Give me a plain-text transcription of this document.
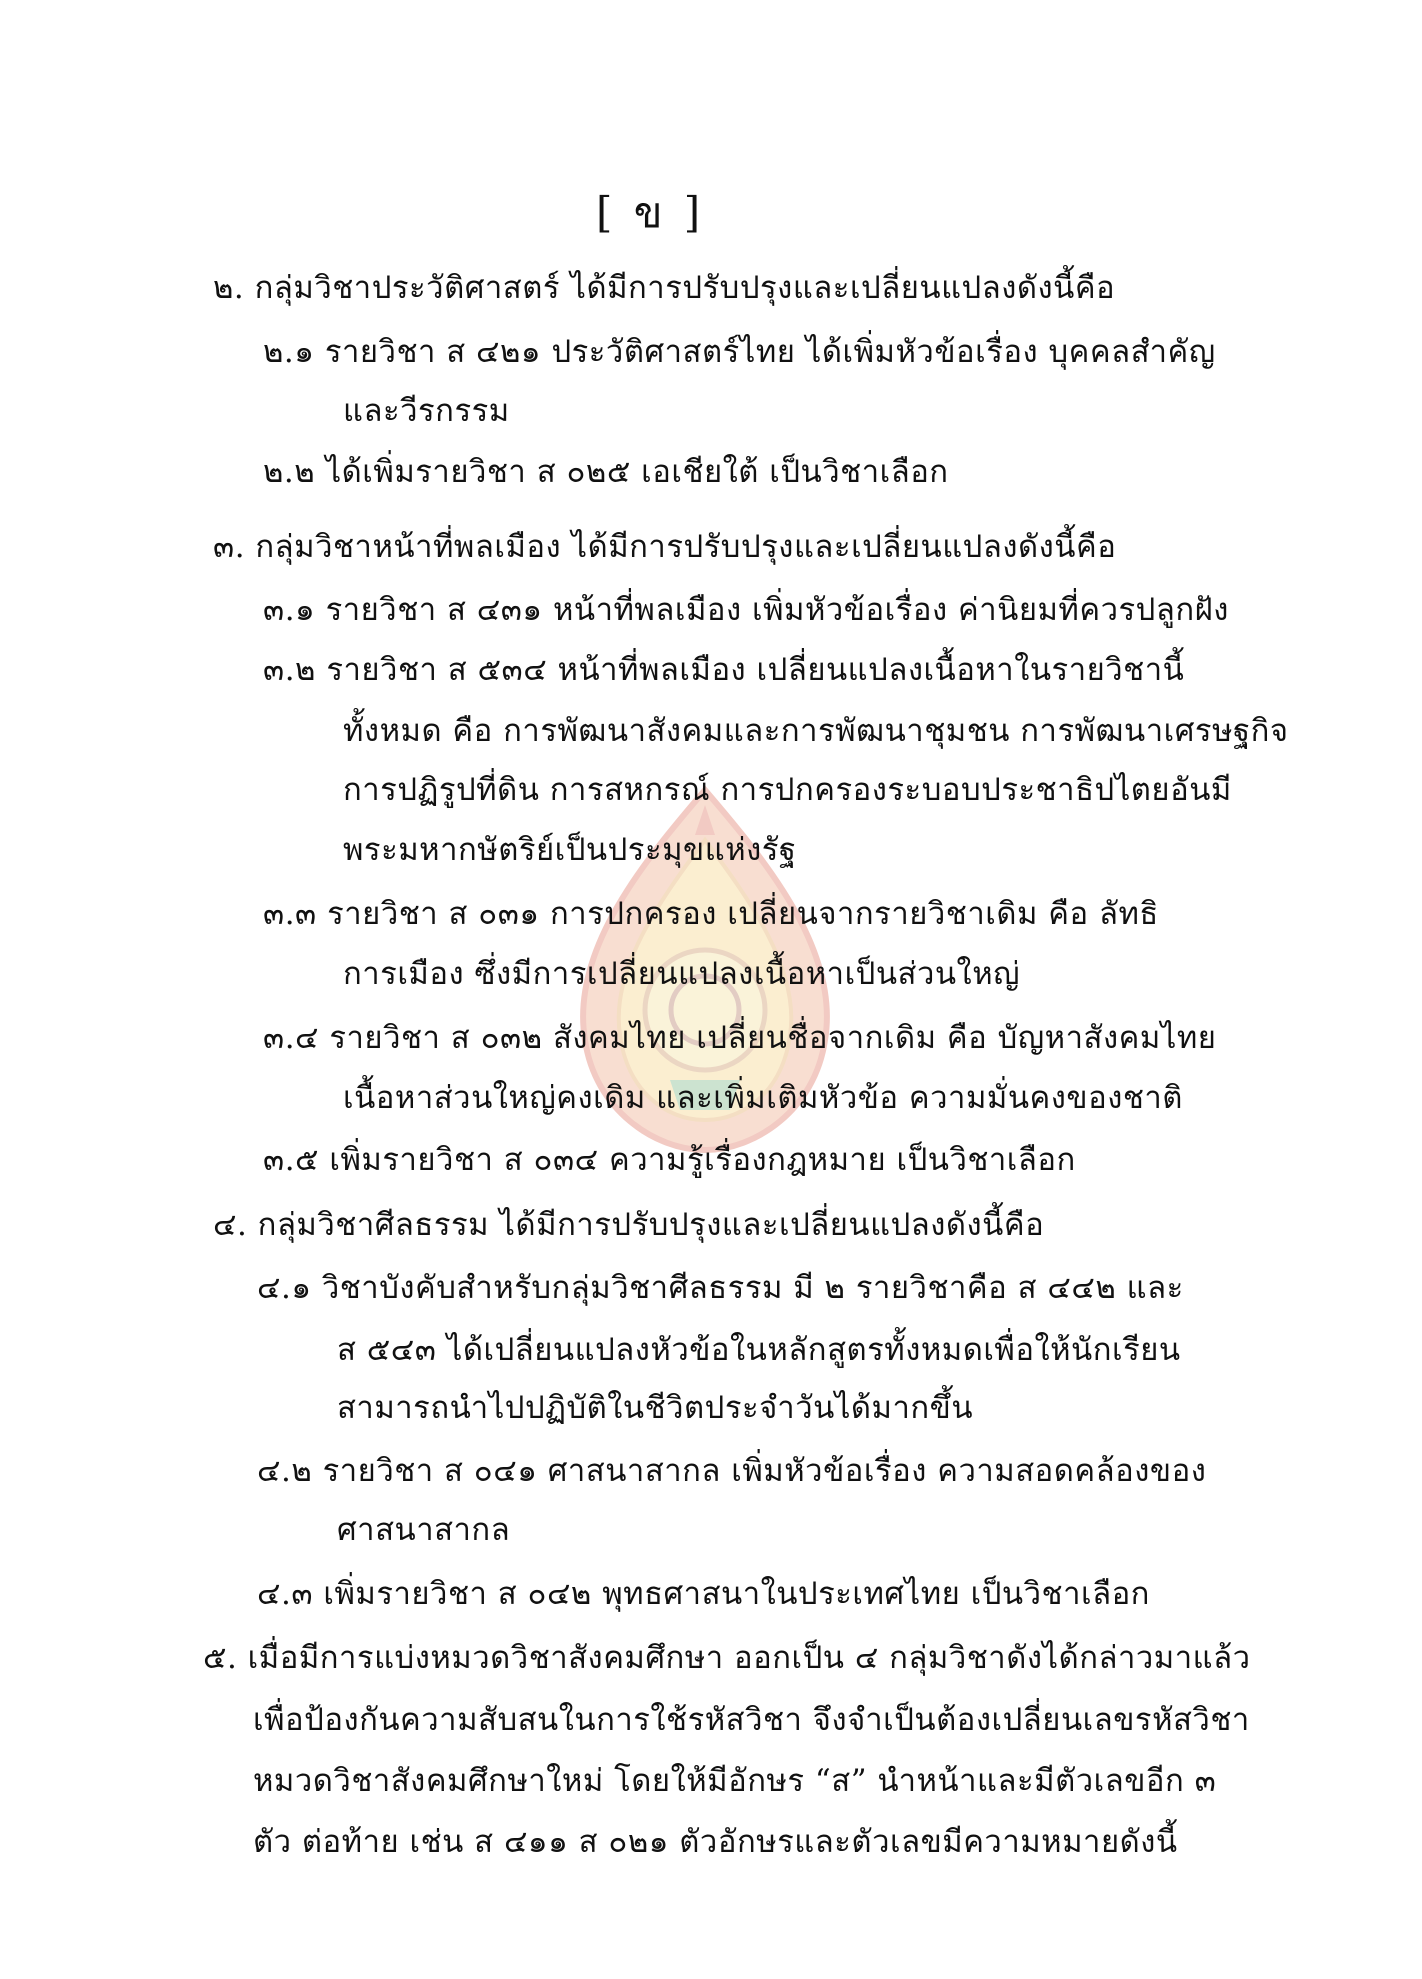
[ ข ]
๒. กลุ่มวิชาประวัติศาสตร์ ได้มีการปรับปรุงและเปลี่ยนแปลงดังนี้คือ
๒.๑ รายวิชา ส ๔๒๑ ประวัติศาสตร์ไทย ได้เพิ่มหัวข้อเรื่อง บุคคลสำคัญ
และวีรกรรม
๒.๒ ได้เพิ่มรายวิชา ส ๐๒๕ เอเชียใต้ เป็นวิชาเลือก
๓. กลุ่มวิชาหน้าที่พลเมือง ได้มีการปรับปรุงและเปลี่ยนแปลงดังนี้คือ
๓.๑ รายวิชา ส ๔๓๑ หน้าที่พลเมือง เพิ่มหัวข้อเรื่อง ค่านิยมที่ควรปลูกฝัง
๓.๒ รายวิชา ส ๕๓๔ หน้าที่พลเมือง เปลี่ยนแปลงเนื้อหาในรายวิชานี้
ทั้งหมด คือ การพัฒนาสังคมและการพัฒนาชุมชน การพัฒนาเศรษฐกิจ
การปฏิรูปที่ดิน การสหกรณ์ การปกครองระบอบประชาธิปไตยอันมี
พระมหากษัตริย์เป็นประมุขแห่งรัฐ
๓.๓ รายวิชา ส ๐๓๑ การปกครอง เปลี่ยนจากรายวิชาเดิม คือ ลัทธิ
การเมือง ซึ่งมีการเปลี่ยนแปลงเนื้อหาเป็นส่วนใหญ่
๓.๔ รายวิชา ส ๐๓๒ สังคมไทย เปลี่ยนชื่อจากเดิม คือ บัญหาสังคมไทย
เนื้อหาส่วนใหญ่คงเดิม และเพิ่มเติมหัวข้อ ความมั่นคงของชาติ
๓.๕ เพิ่มรายวิชา ส ๐๓๔ ความรู้เรื่องกฎหมาย เป็นวิชาเลือก
๔. กลุ่มวิชาศีลธรรม ได้มีการปรับปรุงและเปลี่ยนแปลงดังนี้คือ
๔.๑ วิชาบังคับสำหรับกลุ่มวิชาศีลธรรม มี ๒ รายวิชาคือ ส ๔๔๒ และ
ส ๕๔๓ ได้เปลี่ยนแปลงหัวข้อในหลักสูตรทั้งหมดเพื่อให้นักเรียน
สามารถนำไปปฏิบัติในชีวิตประจำวันได้มากขึ้น
๔.๒ รายวิชา ส ๐๔๑ ศาสนาสากล เพิ่มหัวข้อเรื่อง ความสอดคล้องของ
ศาสนาสากล
๔.๓ เพิ่มรายวิชา ส ๐๔๒ พุทธศาสนาในประเทศไทย เป็นวิชาเลือก
๕. เมื่อมีการแบ่งหมวดวิชาสังคมศึกษา ออกเป็น ๔ กลุ่มวิชาดังได้กล่าวมาแล้ว
เพื่อป้องกันความสับสนในการใช้รหัสวิชา จึงจำเป็นต้องเปลี่ยนเลขรหัสวิชา
หมวดวิชาสังคมศึกษาใหม่ โดยให้มีอักษร “ส” นำหน้าและมีตัวเลขอีก ๓
ตัว ต่อท้าย เช่น ส ๔๑๑ ส ๐๒๑ ตัวอักษรและตัวเลขมีความหมายดังนี้
